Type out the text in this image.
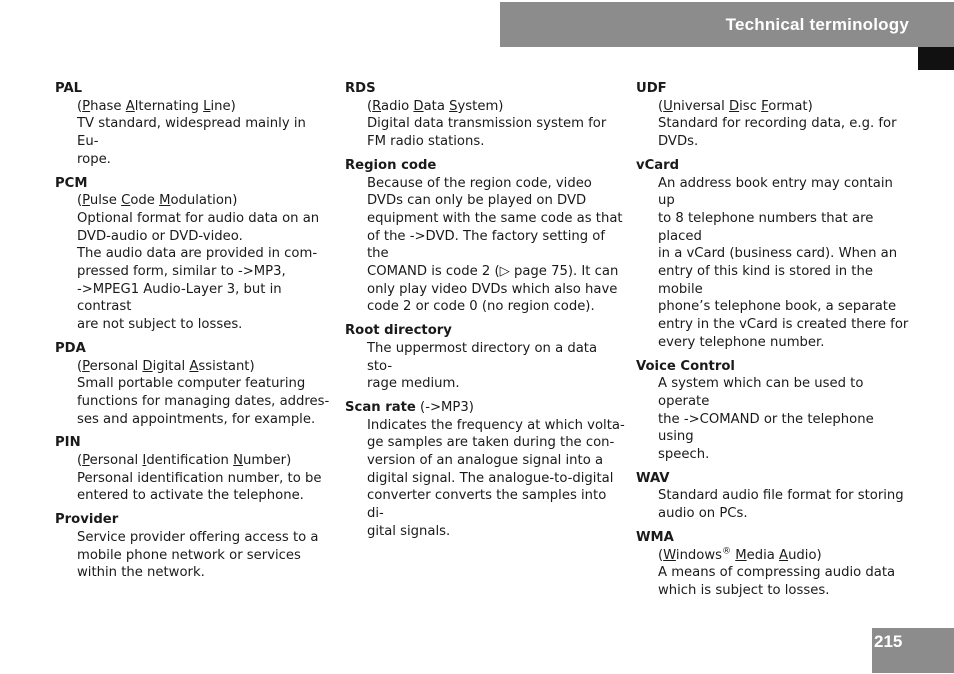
Technical terminology
PAL
(Phase Alternating Line)
TV standard, widespread mainly in Eu-
rope.
PCM
(Pulse Code Modulation)
Optional format for audio data on an
DVD-audio or DVD-video.
The audio data are provided in com-
pressed form, similar to ->MP3,
->MPEG1 Audio-Layer 3, but in contrast
are not subject to losses.
PDA
(Personal Digital Assistant)
Small portable computer featuring
functions for managing dates, addres-
ses and appointments, for example.
PIN
(Personal Identification Number)
Personal identification number, to be
entered to activate the telephone.
Provider
Service provider offering access to a
mobile phone network or services
within the network.
RDS
(Radio Data System)
Digital data transmission system for
FM radio stations.
Region code
Because of the region code, video
DVDs can only be played on DVD
equipment with the same code as that
of the ->DVD. The factory setting of the
COMAND is code 2 (▷ page 75). It can
only play video DVDs which also have
code 2 or code 0 (no region code).
Root directory
The uppermost directory on a data sto-
rage medium.
Scan rate (->MP3)
Indicates the frequency at which volta-
ge samples are taken during the con-
version of an analogue signal into a
digital signal. The analogue-to-digital
converter converts the samples into di-
gital signals.
UDF
(Universal Disc Format)
Standard for recording data, e.g. for
DVDs.
vCard
An address book entry may contain up
to 8 telephone numbers that are placed
in a vCard (business card). When an
entry of this kind is stored in the mobile
phone’s telephone book, a separate
entry in the vCard is created there for
every telephone number.
Voice Control
A system which can be used to operate
the ->COMAND or the telephone using
speech.
WAV
Standard audio file format for storing
audio on PCs.
WMA
(Windows® Media Audio)
A means of compressing audio data
which is subject to losses.
215
